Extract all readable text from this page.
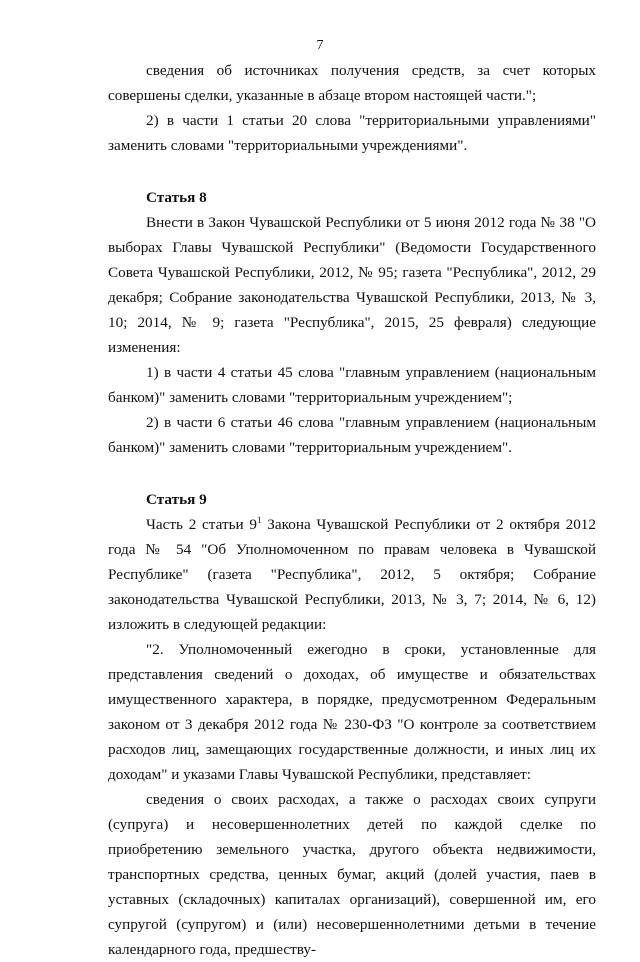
7

сведения об источниках получения средств, за счет которых совершены сделки, указанные в абзаце втором настоящей части.";

2) в части 1 статьи 20 слова "территориальными управлениями" заменить словами "территориальными учреждениями".

Статья 8

Внести в Закон Чувашской Республики от 5 июня 2012 года № 38 "О выборах Главы Чувашской Республики" (Ведомости Государственного Совета Чувашской Республики, 2012, № 95; газета "Республика", 2012, 29 декабря; Собрание законодательства Чувашской Республики, 2013, № 3, 10; 2014, № 9; газета "Республика", 2015, 25 февраля) следующие изменения:

1) в части 4 статьи 45 слова "главным управлением (национальным банком)" заменить словами "территориальным учреждением";

2) в части 6 статьи 46 слова "главным управлением (национальным банком)" заменить словами "территориальным учреждением".

Статья 9

Часть 2 статьи $9^1$ Закона Чувашской Республики от 2 октября 2012 года № 54 "Об Уполномоченном по правам человека в Чувашской Республике" (газета "Республика", 2012, 5 октября; Собрание законодательства Чувашской Республики, 2013, № 3, 7; 2014, № 6, 12) изложить в следующей редакции:

"2. Уполномоченный ежегодно в сроки, установленные для представления сведений о доходах, об имуществе и обязательствах имущественного характера, в порядке, предусмотренном Федеральным законом от 3 декабря 2012 года № 230-ФЗ "О контроле за соответствием расходов лиц, замещающих государственные должности, и иных лиц их доходам" и указами Главы Чувашской Республики, представляет:

сведения о своих расходах, а также о расходах своих супруги (супруга) и несовершеннолетних детей по каждой сделке по приобретению земельного участка, другого объекта недвижимости, транспортных средства, ценных бумаг, акций (долей участия, паев в уставных (складочных) капиталах организаций), совершенной им, его супругой (супругом) и (или) несовершеннолетними детьми в течение календарного года, предшеству-
